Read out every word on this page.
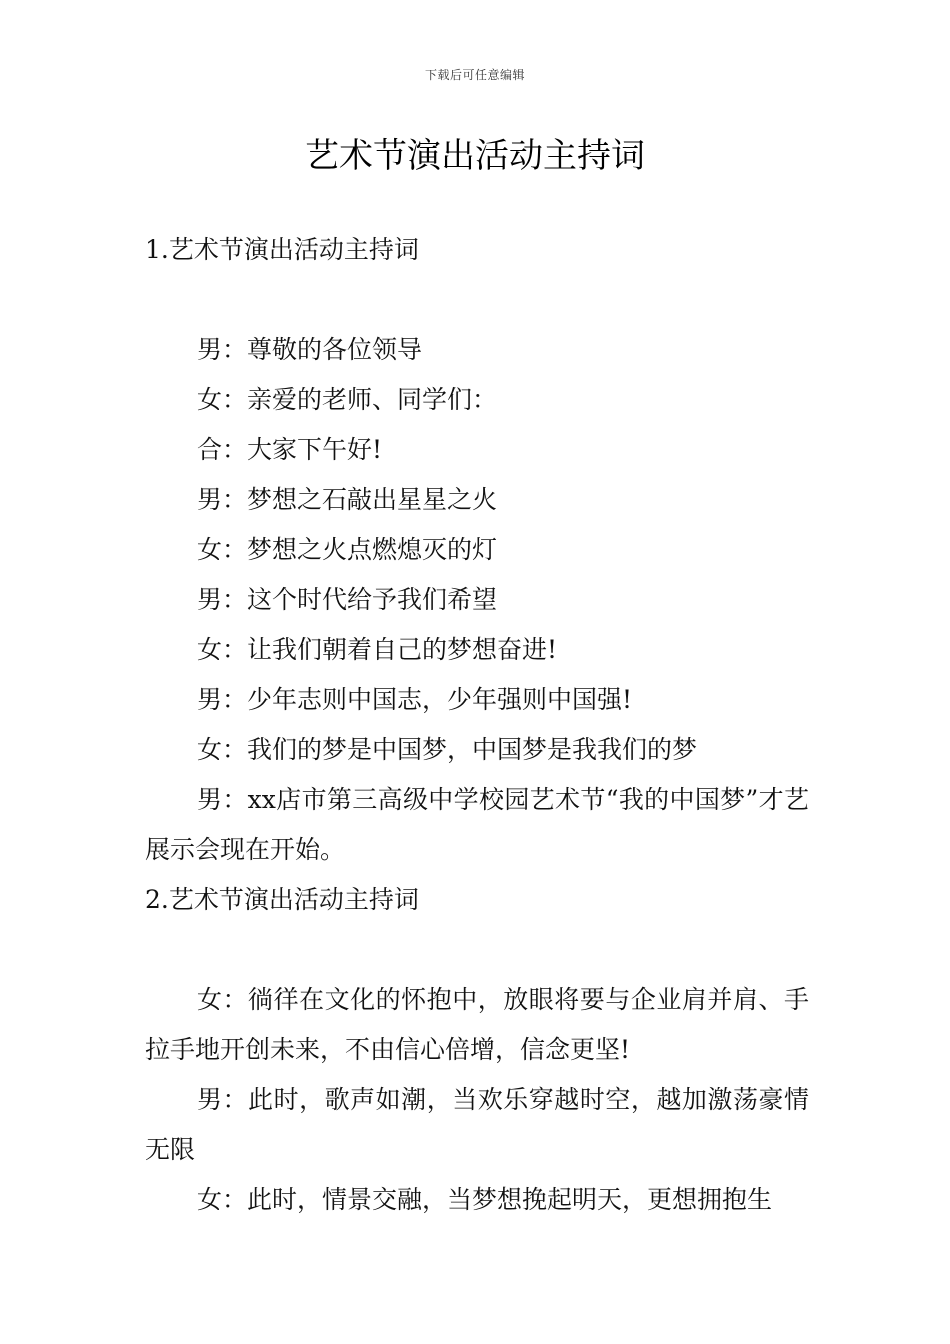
下载后可任意编辑
艺术节演出活动主持词

1.艺术节演出活动主持词

男：尊敬的各位领导

女：亲爱的老师、同学们：

合：大家下午好!

男：梦想之石敲出星星之火

女：梦想之火点燃熄灭的灯

男：这个时代给予我们希望

女：让我们朝着自己的梦想奋进!

男：少年志则中国志，少年强则中国强!

女：我们的梦是中国梦，中国梦是我我们的梦

男：xx店市第三高级中学校园艺术节“我的中国梦”才艺展示会现在开始。

2.艺术节演出活动主持词

女：徜徉在文化的怀抱中，放眼将要与企业肩并肩、手拉手地开创未来，不由信心倍增，信念更坚!

男：此时，歌声如潮，当欢乐穿越时空，越加激荡豪情无限

女：此时，情景交融，当梦想挽起明天，更想拥抱生
